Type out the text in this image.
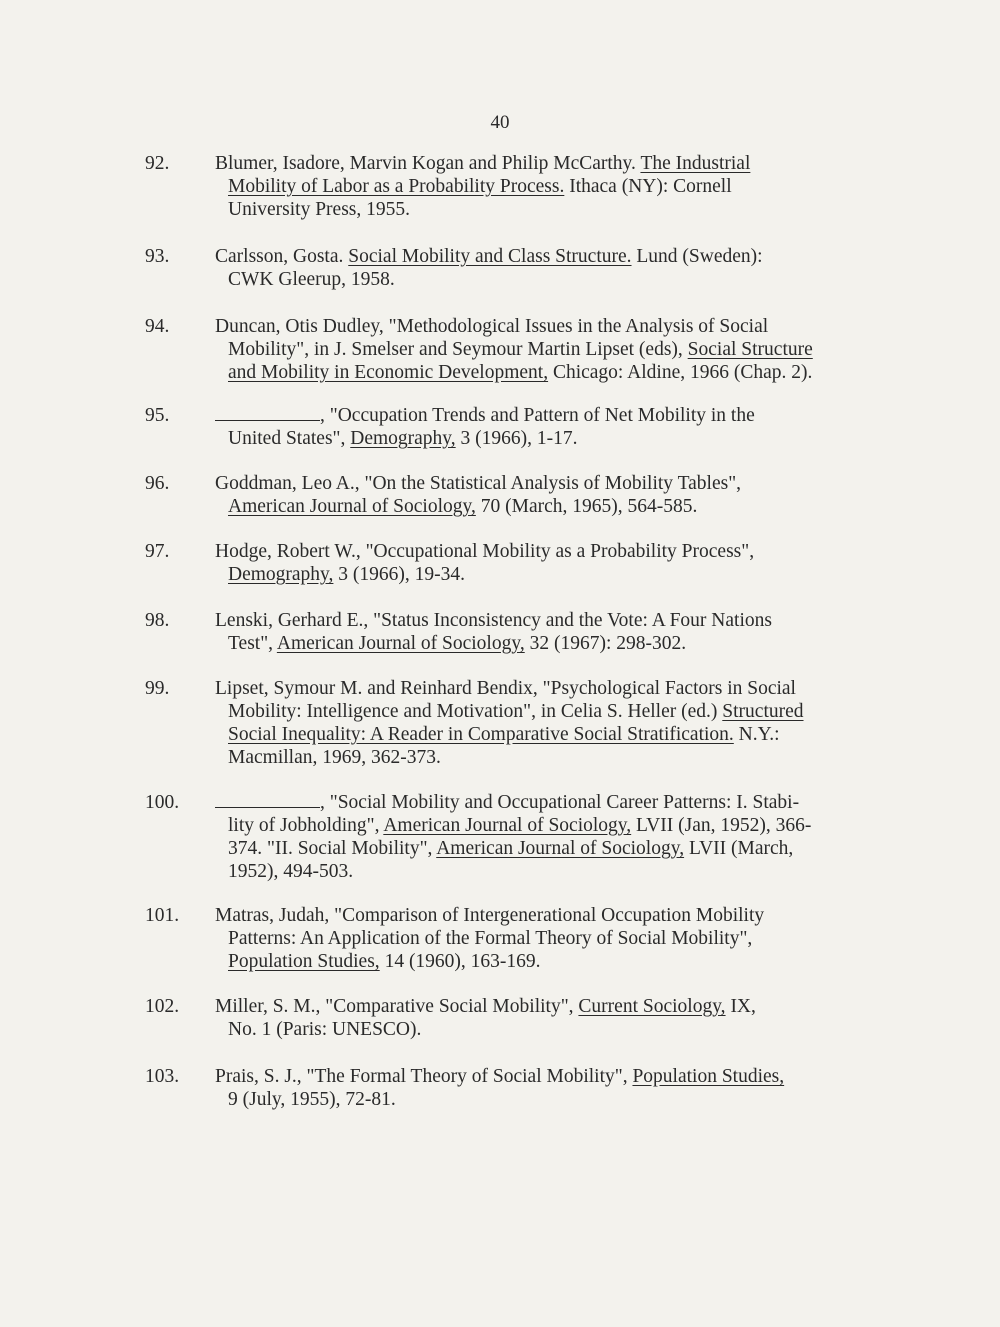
40
92. Blumer, Isadore, Marvin Kogan and Philip McCarthy. The Industrial
Mobility of Labor as a Probability Process. Ithaca (NY): Cornell
University Press, 1955.
93. Carlsson, Gosta. Social Mobility and Class Structure. Lund (Sweden):
CWK Gleerup, 1958.
94. Duncan, Otis Dudley, "Methodological Issues in the Analysis of Social
Mobility", in J. Smelser and Seymour Martin Lipset (eds), Social Structure
and Mobility in Economic Development, Chicago: Aldine, 1966 (Chap. 2).
95.	, "Occupation Trends and Pattern of Net Mobility in the
United States", Demography, 3 (1966), 1-17.
96. Goddman, Leo A., "On the Statistical Analysis of Mobility Tables",
American Journal of Sociology, 70 (March, 1965), 564-585.
97. Hodge, Robert W., "Occupational Mobility as a Probability Process",
Demography, 3 (1966), 19-34.
98. Lenski, Gerhard E., "Status Inconsistency and the Vote: A Four Nations
Test", American Journal of Sociology, 32 (1967): 298-302.
99. Lipset, Symour M. and Reinhard Bendix, "Psychological Factors in Social
Mobility: Intelligence and Motivation", in Celia S. Heller (ed.) Structured
Social Inequality: A Reader in Comparative Social Stratification. N.Y.:
Macmillan, 1969, 362-373.
100.	, "Social Mobility and Occupational Career Patterns: I. Stabi-
lity of Jobholding", American Journal of Sociology, LVII (Jan, 1952), 366-
374. "II. Social Mobility", American Journal of Sociology, LVII (March,
1952), 494-503.
101. Matras, Judah, "Comparison of Intergenerational Occupation Mobility
Patterns: An Application of the Formal Theory of Social Mobility",
Population Studies, 14 (1960), 163-169.
102. Miller, S. M., "Comparative Social Mobility", Current Sociology, IX,
No. 1 (Paris: UNESCO).
103. Prais, S. J., "The Formal Theory of Social Mobility", Population Studies,
9 (July, 1955), 72-81.
